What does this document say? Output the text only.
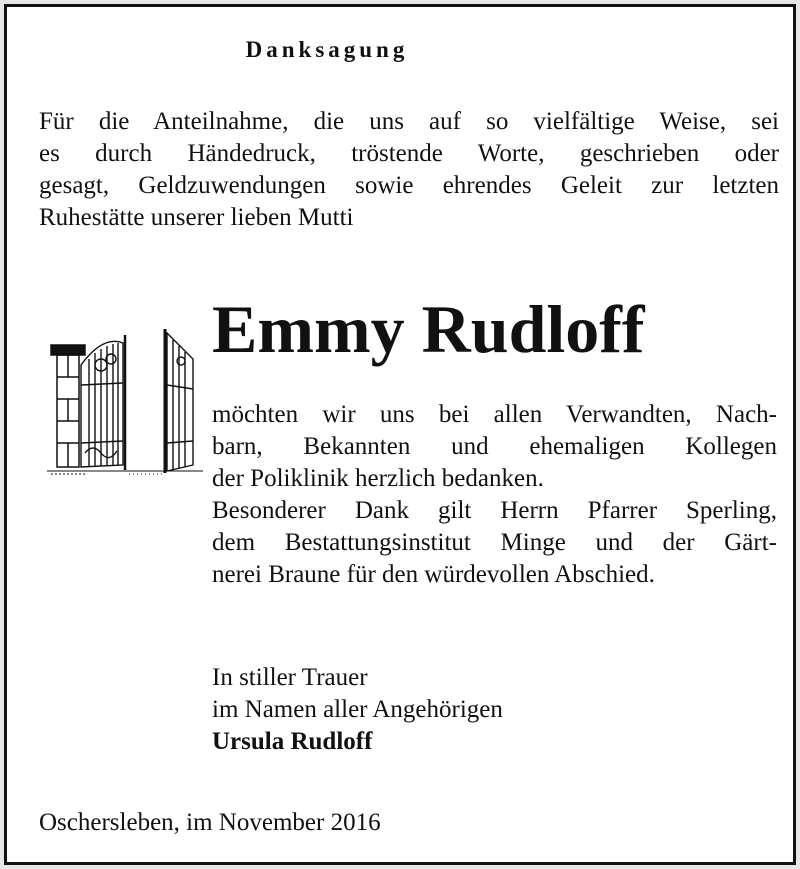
Danksagung
Für die Anteilnahme, die uns auf so vielfältige Weise, sei
es durch Händedruck, tröstende Worte, geschrieben oder
gesagt, Geldzuwendungen sowie ehrendes Geleit zur letzten
Ruhestätte unserer lieben Mutti
Emmy Rudloff
möchten wir uns bei allen Verwandten, Nach-
barn, Bekannten und ehemaligen Kollegen
der Poliklinik herzlich bedanken.
Besonderer Dank gilt Herrn Pfarrer Sperling,
dem Bestattungsinstitut Minge und der Gärt-
nerei Braune für den würdevollen Abschied.
In stiller Trauer
im Namen aller Angehörigen
Ursula Rudloff
Oschersleben, im November 2016
